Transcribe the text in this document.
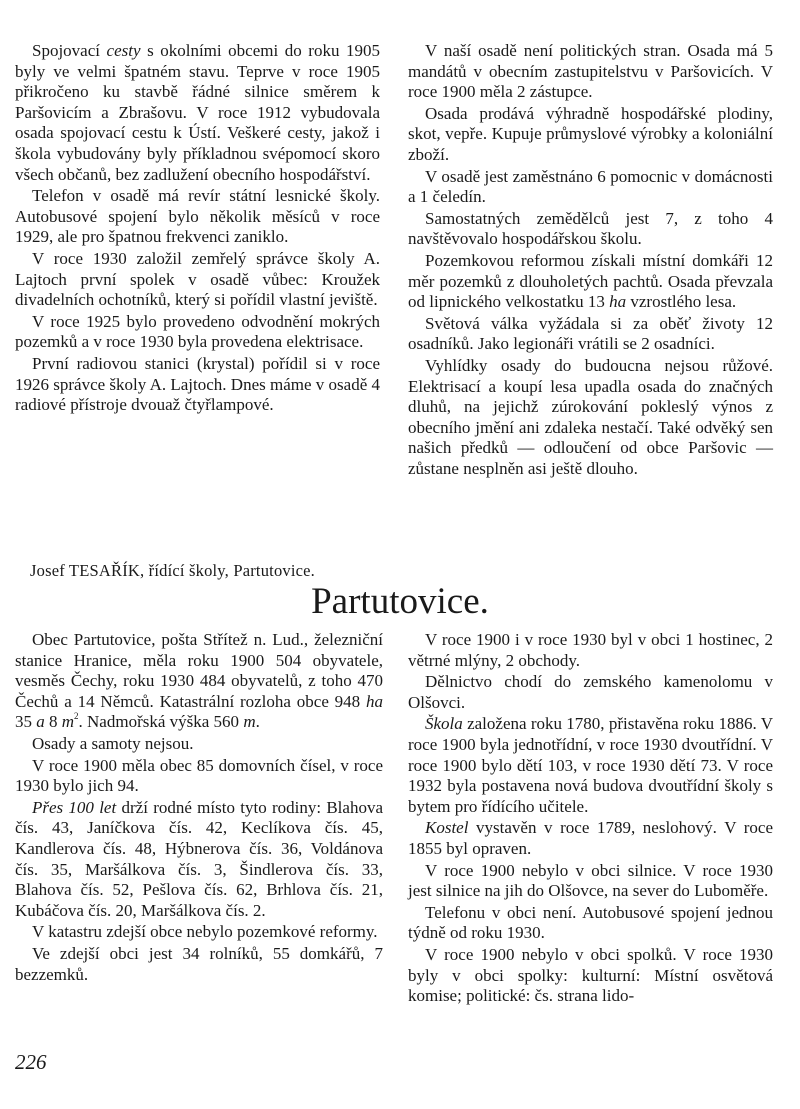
Spojovací cesty s okolními obcemi do roku 1905 byly ve velmi špatném stavu. Teprve v roce 1905 přikročeno ku stavbě řádné silnice směrem k Paršovicím a Zbrašovu. V roce 1912 vybudovala osada spojovací cestu k Ústí. Veškeré cesty, jakož i škola vybudovány byly příkladnou svépomocí skoro všech občanů, bez zadlužení obecního hospodářství.

Telefon v osadě má revír státní lesnické školy. Autobusové spojení bylo několik měsíců v roce 1929, ale pro špatnou frekvenci zaniklo.

V roce 1930 založil zemřelý správce školy A. Lajtoch první spolek v osadě vůbec: Kroužek divadelních ochotníků, který si pořídil vlastní jeviště.

V roce 1925 bylo provedeno odvodnění mokrých pozemků a v roce 1930 byla provedena elektrisace.

První radiovou stanici (krystal) pořídil si v roce 1926 správce školy A. Lajtoch. Dnes máme v osadě 4 radiové přístroje dvouaž čtyřlampové.

V naší osadě není politických stran. Osada má 5 mandátů v obecním zastupitelstvu v Paršovicích. V roce 1900 měla 2 zástupce.

Osada prodává výhradně hospodářské plodiny, skot, vepře. Kupuje průmyslové výrobky a koloniální zboží.

V osadě jest zaměstnáno 6 pomocnic v domácnosti a 1 čeledín.

Samostatných zemědělců jest 7, z toho 4 navštěvovalo hospodářskou školu.

Pozemkovou reformou získali místní domkáři 12 měr pozemků z dlouholetých pachtů. Osada převzala od lipnického velkostatku 13 ha vzrostlého lesa.

Světová válka vyžádala si za oběť životy 12 osadníků. Jako legionáři vrátili se 2 osadníci.

Vyhlídky osady do budoucna nejsou růžové. Elektrisací a koupí lesa upadla osada do značných dluhů, na jejichž zúrokování pokleslý výnos z obecního jmění ani zdaleka nestačí. Také odvěký sen našich předků — odloučení od obce Paršovic — zůstane nesplněn asi ještě dlouho.

Josef TESAŘÍK, řídící školy, Partutovice.
Partutovice.

Obec Partutovice, pošta Střítež n. Lud., železniční stanice Hranice, měla roku 1900 504 obyvatele, vesměs Čechy, roku 1930 484 obyvatelů, z toho 470 Čechů a 14 Němců. Katastrální rozloha obce 948 ha 35 a 8 $m^2$. Nadmořská výška 560 m.

Osady a samoty nejsou.

V roce 1900 měla obec 85 domovních čísel, v roce 1930 bylo jich 94.

Přes 100 let drží rodné místo tyto rodiny: Blahova čís. 43, Janíčkova čís. 42, Keclíkova čís. 45, Kandlerova čís. 48, Hýbnerova čís. 36, Voldánova čís. 35, Maršálkova čís. 3, Šindlerova čís. 33, Blahova čís. 52, Pešlova čís. 62, Brhlova čís. 21, Kubáčova čís. 20, Maršálkova čís. 2.

V katastru zdejší obce nebylo pozemkové reformy.

Ve zdejší obci jest 34 rolníků, 55 domkářů, 7 bezzemků.

V roce 1900 i v roce 1930 byl v obci 1 hostinec, 2 větrné mlýny, 2 obchody.

Dělnictvo chodí do zemského kamenolomu v Olšovci.

Škola založena roku 1780, přistavěna roku 1886. V roce 1900 byla jednotřídní, v roce 1930 dvoutřídní. V roce 1900 bylo dětí 103, v roce 1930 dětí 73. V roce 1932 byla postavena nová budova dvoutřídní školy s bytem pro řídícího učitele.

Kostel vystavěn v roce 1789, neslohový. V roce 1855 byl opraven.

V roce 1900 nebylo v obci silnice. V roce 1930 jest silnice na jih do Olšovce, na sever do Luboměře.

Telefonu v obci není. Autobusové spojení jednou týdně od roku 1930.

V roce 1900 nebylo v obci spolků. V roce 1930 byly v obci spolky: kulturní: Místní osvětová komise; politické: čs. strana lido-

226
